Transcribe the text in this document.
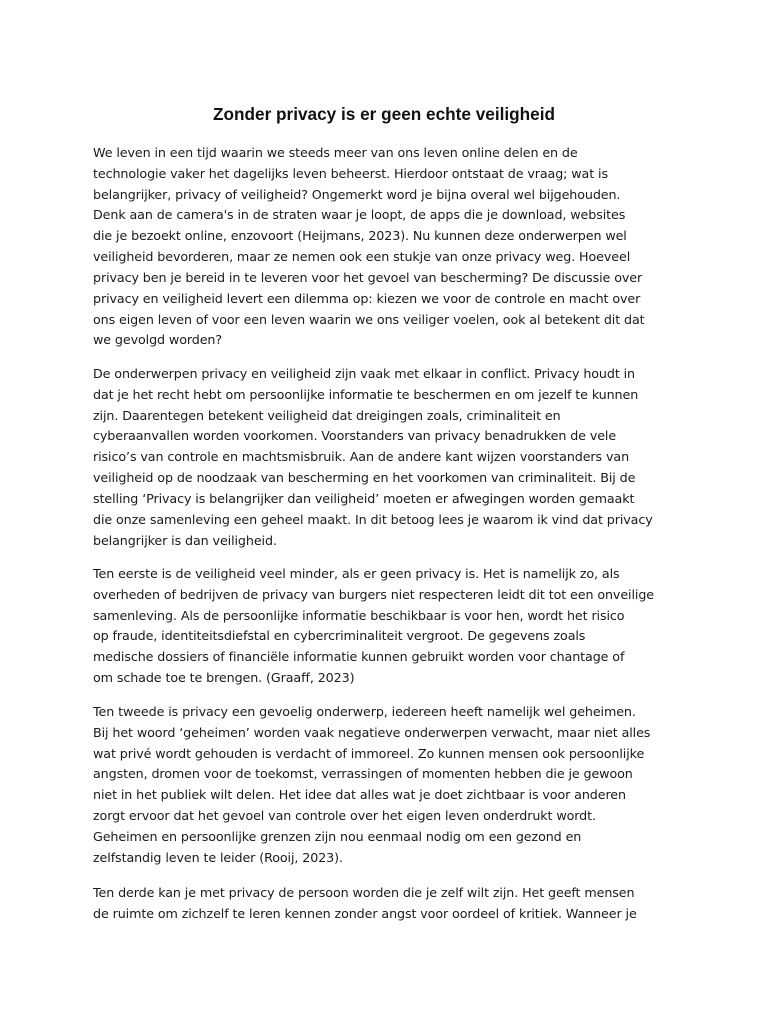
Zonder privacy is er geen echte veiligheid

We leven in een tijd waarin we steeds meer van ons leven online delen en de
technologie vaker het dagelijks leven beheerst. Hierdoor ontstaat de vraag; wat is
belangrijker, privacy of veiligheid? Ongemerkt word je bijna overal wel bijgehouden.
Denk aan de camera's in de straten waar je loopt, de apps die je download, websites
die je bezoekt online, enzovoort (Heijmans, 2023). Nu kunnen deze onderwerpen wel
veiligheid bevorderen, maar ze nemen ook een stukje van onze privacy weg. Hoeveel
privacy ben je bereid in te leveren voor het gevoel van bescherming? De discussie over
privacy en veiligheid levert een dilemma op: kiezen we voor de controle en macht over
ons eigen leven of voor een leven waarin we ons veiliger voelen, ook al betekent dit dat
we gevolgd worden?

De onderwerpen privacy en veiligheid zijn vaak met elkaar in conflict. Privacy houdt in
dat je het recht hebt om persoonlijke informatie te beschermen en om jezelf te kunnen
zijn. Daarentegen betekent veiligheid dat dreigingen zoals, criminaliteit en
cyberaanvallen worden voorkomen. Voorstanders van privacy benadrukken de vele
risico’s van controle en machtsmisbruik. Aan de andere kant wijzen voorstanders van
veiligheid op de noodzaak van bescherming en het voorkomen van criminaliteit. Bij de
stelling ‘Privacy is belangrijker dan veiligheid’ moeten er afwegingen worden gemaakt
die onze samenleving een geheel maakt. In dit betoog lees je waarom ik vind dat privacy
belangrijker is dan veiligheid.

Ten eerste is de veiligheid veel minder, als er geen privacy is. Het is namelijk zo, als
overheden of bedrijven de privacy van burgers niet respecteren leidt dit tot een onveilige
samenleving. Als de persoonlijke informatie beschikbaar is voor hen, wordt het risico
op fraude, identiteitsdiefstal en cybercriminaliteit vergroot. De gegevens zoals
medische dossiers of financiële informatie kunnen gebruikt worden voor chantage of
om schade toe te brengen. (Graaff, 2023)

Ten tweede is privacy een gevoelig onderwerp, iedereen heeft namelijk wel geheimen.
Bij het woord ‘geheimen’ worden vaak negatieve onderwerpen verwacht, maar niet alles
wat privé wordt gehouden is verdacht of immoreel. Zo kunnen mensen ook persoonlijke
angsten, dromen voor de toekomst, verrassingen of momenten hebben die je gewoon
niet in het publiek wilt delen. Het idee dat alles wat je doet zichtbaar is voor anderen
zorgt ervoor dat het gevoel van controle over het eigen leven onderdrukt wordt.
Geheimen en persoonlijke grenzen zijn nou eenmaal nodig om een gezond en
zelfstandig leven te leider (Rooij, 2023).

Ten derde kan je met privacy de persoon worden die je zelf wilt zijn. Het geeft mensen
de ruimte om zichzelf te leren kennen zonder angst voor oordeel of kritiek. Wanneer je
